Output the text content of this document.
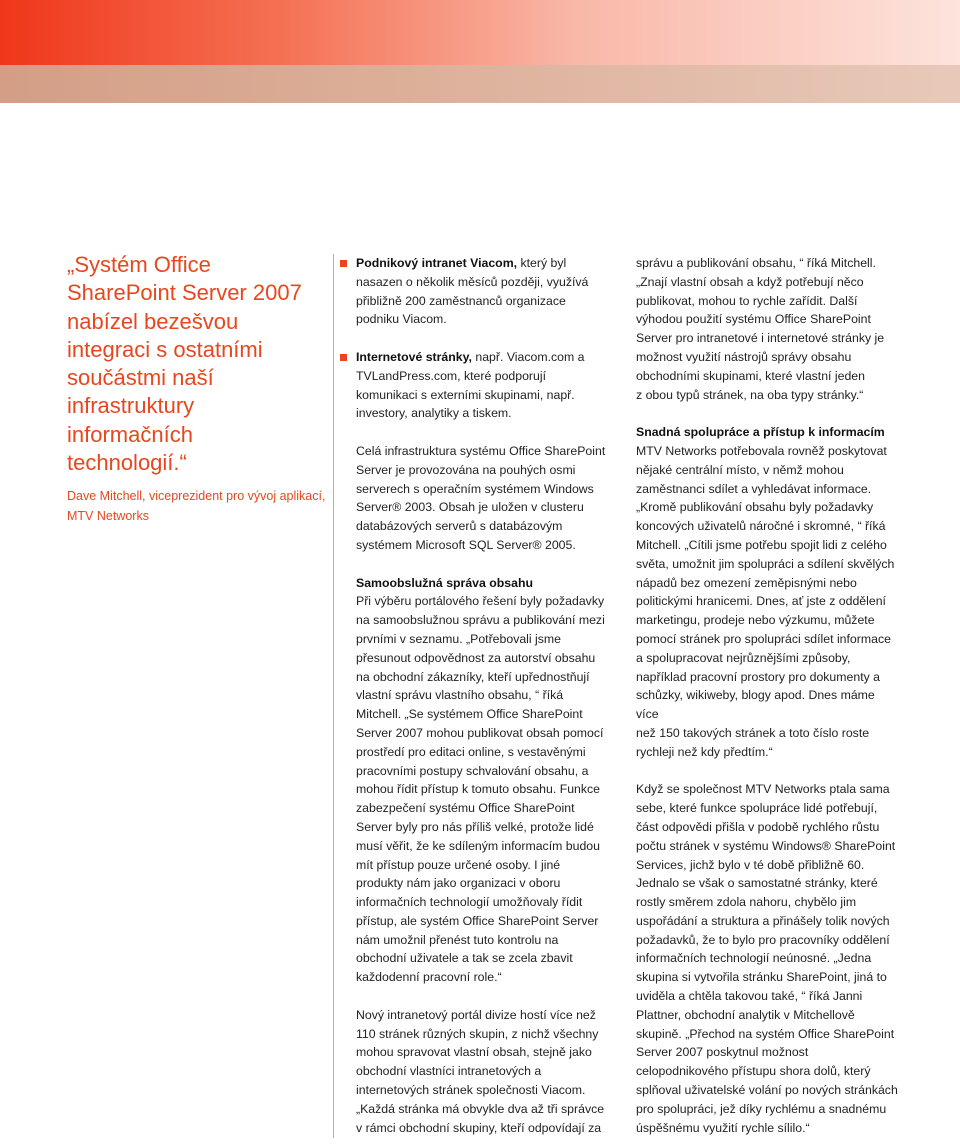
„Systém Office
SharePoint Server 2007
nabízel bezešvou
integraci s ostatními
součástmi naší
infrastruktury
informačních
technologií.“

Dave Mitchell, viceprezident pro vývoj aplikací,
MTV Networks

Podnikový intranet Viacom, který byl
nasazen o několik měsíců později, využívá
přibližně 200 zaměstnanců organizace
podniku Viacom.
Internetové stránky, např. Viacom.com a
TVLandPress.com, které podporují
komunikaci s externími skupinami, např.
investory, analytiky a tiskem.

Celá infrastruktura systému Office SharePoint
Server je provozována na pouhých osmi
serverech s operačním systémem Windows
Server® 2003. Obsah je uložen v clusteru
databázových serverů s databázovým
systémem Microsoft SQL Server® 2005.

Samoobslužná správa obsahu

Při výběru portálového řešení byly požadavky
na samoobslužnou správu a publikování mezi
prvními v seznamu. „Potřebovali jsme
přesunout odpovědnost za autorství obsahu
na obchodní zákazníky, kteří upřednostňují
vlastní správu vlastního obsahu, “ říká
Mitchell. „Se systémem Office SharePoint
Server 2007 mohou publikovat obsah pomocí
prostředí pro editaci online, s vestavěnými
pracovními postupy schvalování obsahu, a
mohou řídit přístup k tomuto obsahu. Funkce
zabezpečení systému Office SharePoint
Server byly pro nás příliš velké, protože lidé
musí věřit, že ke sdíleným informacím budou
mít přístup pouze určené osoby. I jiné
produkty nám jako organizaci v oboru
informačních technologií umožňovaly řídit
přístup, ale systém Office SharePoint Server
nám umožnil přenést tuto kontrolu na
obchodní uživatele a tak se zcela zbavit
každodenní pracovní role.“

Nový intranetový portál divize hostí více než
110 stránek různých skupin, z nichž všechny
mohou spravovat vlastní obsah, stejně jako
obchodní vlastníci intranetových a
internetových stránek společnosti Viacom.
„Každá stránka má obvykle dva až tři správce
v rámci obchodní skupiny, kteří odpovídají za

správu a publikování obsahu, “ říká Mitchell.
„Znají vlastní obsah a když potřebují něco
publikovat, mohou to rychle zařídit. Další
výhodou použití systému Office SharePoint
Server pro intranetové i internetové stránky je
možnost využití nástrojů správy obsahu
obchodními skupinami, které vlastní jeden
z obou typů stránek, na oba typy stránky.“

Snadná spolupráce a přístup k informacím

MTV Networks potřebovala rovněž poskytovat
nějaké centrální místo, v němž mohou
zaměstnanci sdílet a vyhledávat informace.
„Kromě publikování obsahu byly požadavky
koncových uživatelů náročné i skromné, “ říká
Mitchell. „Cítili jsme potřebu spojit lidi z celého
světa, umožnit jim spolupráci a sdílení skvělých
nápadů bez omezení zeměpisnými nebo
politickými hranicemi. Dnes, ať jste z oddělení
marketingu, prodeje nebo výzkumu, můžete
pomocí stránek pro spolupráci sdílet informace
a spolupracovat nejrůznějšími způsoby,
například pracovní prostory pro dokumenty a
schůzky, wikiweby, blogy apod. Dnes máme více
než 150 takových stránek a toto číslo roste
rychleji než kdy předtím.“

Když se společnost MTV Networks ptala sama
sebe, které funkce spolupráce lidé potřebují,
část odpovědi přišla v podobě rychlého růstu
počtu stránek v systému Windows® SharePoint
Services, jichž bylo v té době přibližně 60.
Jednalo se však o samostatné stránky, které
rostly směrem zdola nahoru, chybělo jim
uspořádání a struktura a přinášely tolik nových
požadavků, že to bylo pro pracovníky oddělení
informačních technologií neúnosné. „Jedna
skupina si vytvořila stránku SharePoint, jiná to
uviděla a chtěla takovou také, “ říká Janni
Plattner, obchodní analytik v Mitchellově
skupině. „Přechod na systém Office SharePoint
Server 2007 poskytnul možnost
celopodnikového přístupu shora dolů, který
splňoval uživatelské volání po nových stránkách
pro spolupráci, jež díky rychlému a snadnému
úspěšnému využití rychle sílilo.“
